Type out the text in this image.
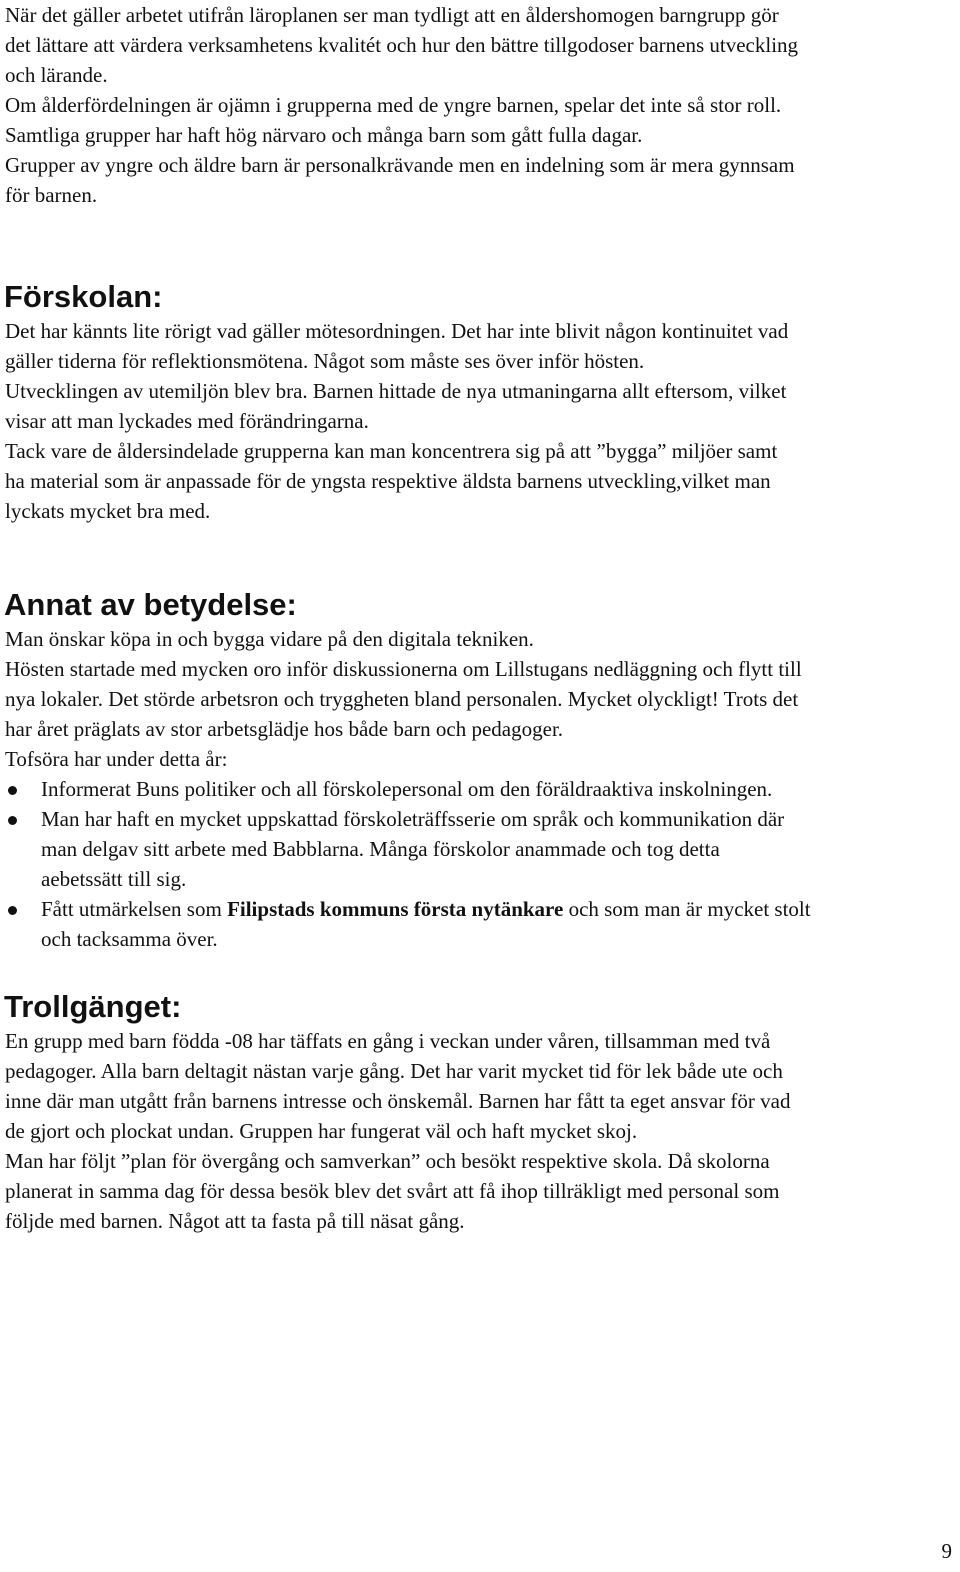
När det gäller arbetet utifrån läroplanen ser man tydligt att en åldershomogen barngrupp gör

det lättare att värdera verksamhetens kvalitét och hur den bättre tillgodoser barnens utveckling

och lärande.

Om ålderfördelningen är ojämn i grupperna med de yngre barnen, spelar det inte så stor roll.

Samtliga grupper har haft hög närvaro och många barn som gått fulla dagar.

Grupper av yngre och äldre barn är personalkrävande men en indelning som är mera gynnsam

för barnen.

Förskolan:

Det har kännts lite rörigt vad gäller mötesordningen. Det har inte blivit någon kontinuitet vad

gäller tiderna för reflektionsmötena. Något som måste ses över inför hösten.

Utvecklingen av utemiljön blev bra. Barnen hittade de nya utmaningarna allt eftersom, vilket

visar att man lyckades med förändringarna.

Tack vare de åldersindelade grupperna kan man koncentrera sig på att ”bygga” miljöer samt

ha material som är anpassade för de yngsta respektive äldsta barnens utveckling,vilket man

lyckats mycket bra med.

Annat av betydelse:

Man önskar köpa in och bygga vidare på den digitala tekniken.

Hösten startade med mycken oro inför diskussionerna om Lillstugans nedläggning och flytt till

nya lokaler. Det störde arbetsron och tryggheten bland personalen. Mycket olyckligt! Trots det

har året präglats av stor arbetsglädje hos både barn och pedagoger.

Tofsöra har under detta år:

Informerat Buns politiker och all förskolepersonal om den föräldraaktiva inskolningen.

Man har haft en mycket uppskattad förskoleträffsserie om språk och kommunikation där

man delgav sitt arbete med Babblarna. Många förskolor anammade och tog detta

aebetssätt till sig.

Fått utmärkelsen som Filipstads kommuns första nytänkare och som man är mycket stolt

och tacksamma över.

Trollgänget:

En grupp med barn födda -08 har täffats en gång i veckan under våren, tillsamman med två

pedagoger. Alla barn deltagit nästan varje gång. Det har varit mycket tid för lek både ute och

inne där man utgått från barnens intresse och önskemål. Barnen har fått ta eget ansvar för vad

de gjort och plockat undan. Gruppen har fungerat väl och haft mycket skoj.

Man har följt ”plan för övergång och samverkan” och besökt respektive skola. Då skolorna

planerat in samma dag för dessa besök blev det svårt att få ihop tillräkligt med personal som

följde med barnen. Något att ta fasta på till näsat gång.

9
